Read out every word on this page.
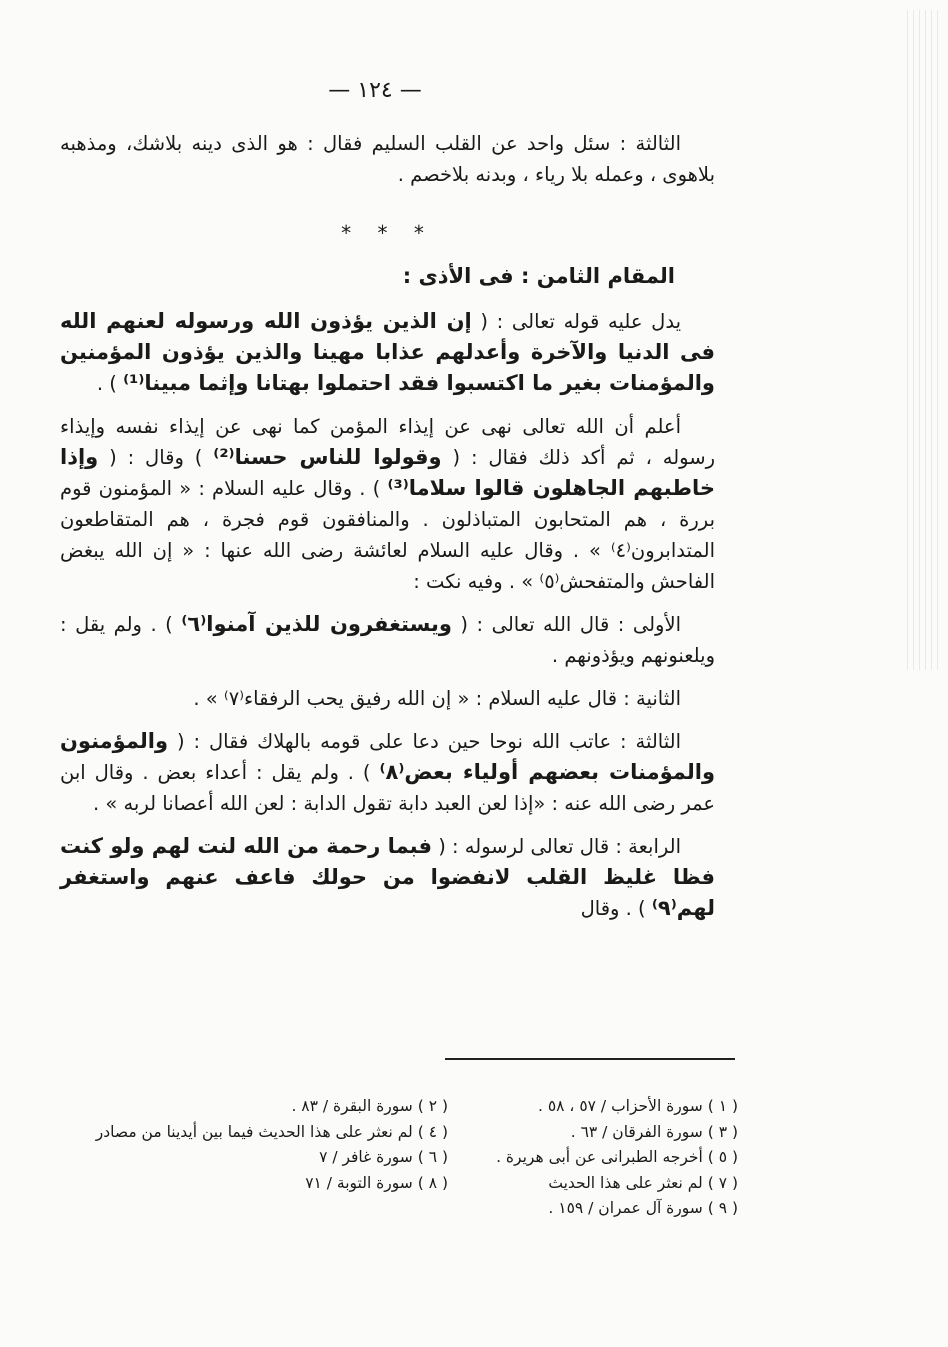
— ١٢٤ —

الثالثة : سئل واحد عن القلب السليم فقال : هو الذى دينه بلاشك، ومذهبه بلاهوى ، وعمله بلا رياء ، وبدنه بلاخصم .

* * *

المقام الثامن : فى الأذى :

يدل عليه قوله تعالى : ( إن الذين يؤذون الله ورسوله لعنهم الله فى الدنيا والآخرة وأعدلهم عذابا مهينا والذين يؤذون المؤمنين والمؤمنات بغير ما اكتسبوا فقد احتملوا بهتانا وإثما مبينا⁽¹⁾ ) .

أعلم أن الله تعالى نهى عن إيذاء المؤمن كما نهى عن إيذاء نفسه وإيذاء رسوله ، ثم أكد ذلك فقال : ( وقولوا للناس حسنا⁽²⁾ ) وقال : ( وإذا خاطبهم الجاهلون قالوا سلاما⁽³⁾ ) . وقال عليه السلام : « المؤمنون قوم بررة ، هم المتحابون المتباذلون . والمنافقون قوم فجرة ، هم المتقاطعون المتدابرون⁽٤⁾ » . وقال عليه السلام لعائشة رضى الله عنها : « إن الله يبغض الفاحش والمتفحش⁽٥⁾ » . وفيه نكت :

الأولى : قال الله تعالى : ( ويستغفرون للذين آمنوا⁽٦⁾ ) . ولم يقل : ويلعنونهم ويؤذونهم .

الثانية : قال عليه السلام : « إن الله رفيق يحب الرفقاء⁽٧⁾ » .

الثالثة : عاتب الله نوحا حين دعا على قومه بالهلاك فقال : ( والمؤمنون والمؤمنات بعضهم أولياء بعض⁽٨⁾ ) . ولم يقل : أعداء بعض . وقال ابن عمر رضى الله عنه : «إذا لعن العبد دابة تقول الدابة : لعن الله أعصانا لربه » .

الرابعة : قال تعالى لرسوله : ( فبما رحمة من الله لنت لهم ولو كنت فظا غليظ القلب لانفضوا من حولك فاعف عنهم واستغفر لهم⁽٩⁾ ) . وقال

( ١ ) سورة الأحزاب / ٥٧ ، ٥٨ .
( ٣ ) سورة الفرقان / ٦٣ .
( ٥ ) أخرجه الطبرانى عن أبى هريرة .
( ٧ ) لم نعثر على هذا الحديث
( ٩ ) سورة آل عمران / ١٥٩ .
( ٢ ) سورة البقرة / ٨٣ .
( ٤ ) لم نعثر على هذا الحديث فيما بين أيدينا من مصادر
( ٦ ) سورة غافر / ٧
( ٨ ) سورة التوبة / ٧١
